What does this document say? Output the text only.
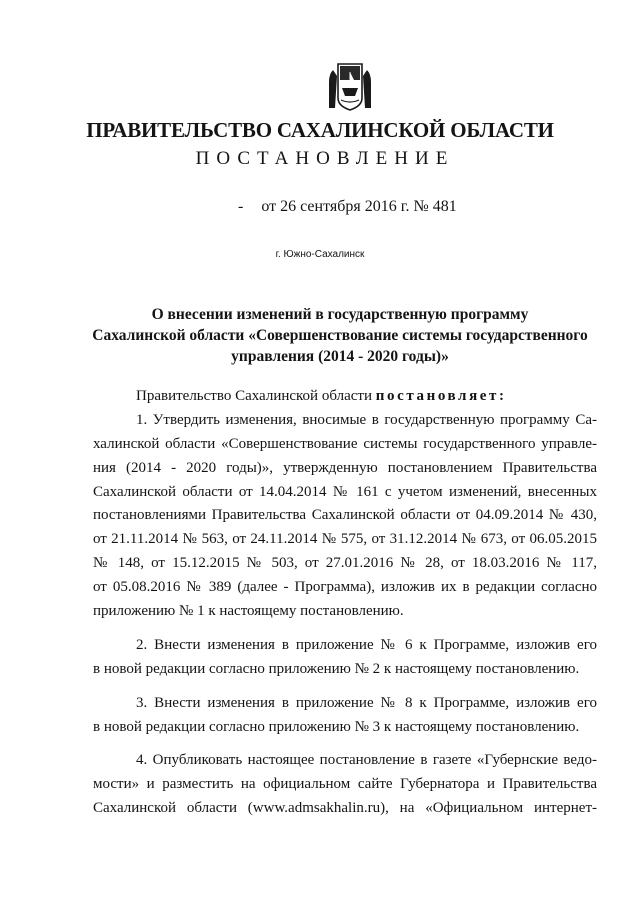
ПРАВИТЕЛЬСТВО САХАЛИНСКОЙ ОБЛАСТИ
ПОСТАНОВЛЕНИЕ
- от 26 сентября 2016 г. № 481
г. Южно-Сахалинск
О внесении изменений в государственную программу
Сахалинской области «Совершенствование системы государственного
управления (2014 - 2020 годы)»
Правительство Сахалинской области постановляет:
1. Утвердить изменения, вносимые в государственную программу Са-
халинской области «Совершенствование системы государственного управле-
ния (2014 - 2020 годы)», утвержденную постановлением Правительства
Сахалинской области от 14.04.2014 № 161 с учетом изменений, внесенных
постановлениями Правительства Сахалинской области от 04.09.2014 № 430,
от 21.11.2014 № 563, от 24.11.2014 № 575, от 31.12.2014 № 673, от 06.05.2015
№ 148, от 15.12.2015 № 503, от 27.01.2016 № 28, от 18.03.2016 № 117,
от 05.08.2016 № 389 (далее - Программа), изложив их в редакции согласно
приложению № 1 к настоящему постановлению.
2. Внести изменения в приложение № 6 к Программе, изложив его
в новой редакции согласно приложению № 2 к настоящему постановлению.
3. Внести изменения в приложение № 8 к Программе, изложив его
в новой редакции согласно приложению № 3 к настоящему постановлению.
4. Опубликовать настоящее постановление в газете «Губернские ведо-
мости» и разместить на официальном сайте Губернатора и Правительства
Сахалинской области (www.admsakhalin.ru), на «Официальном интернет-
